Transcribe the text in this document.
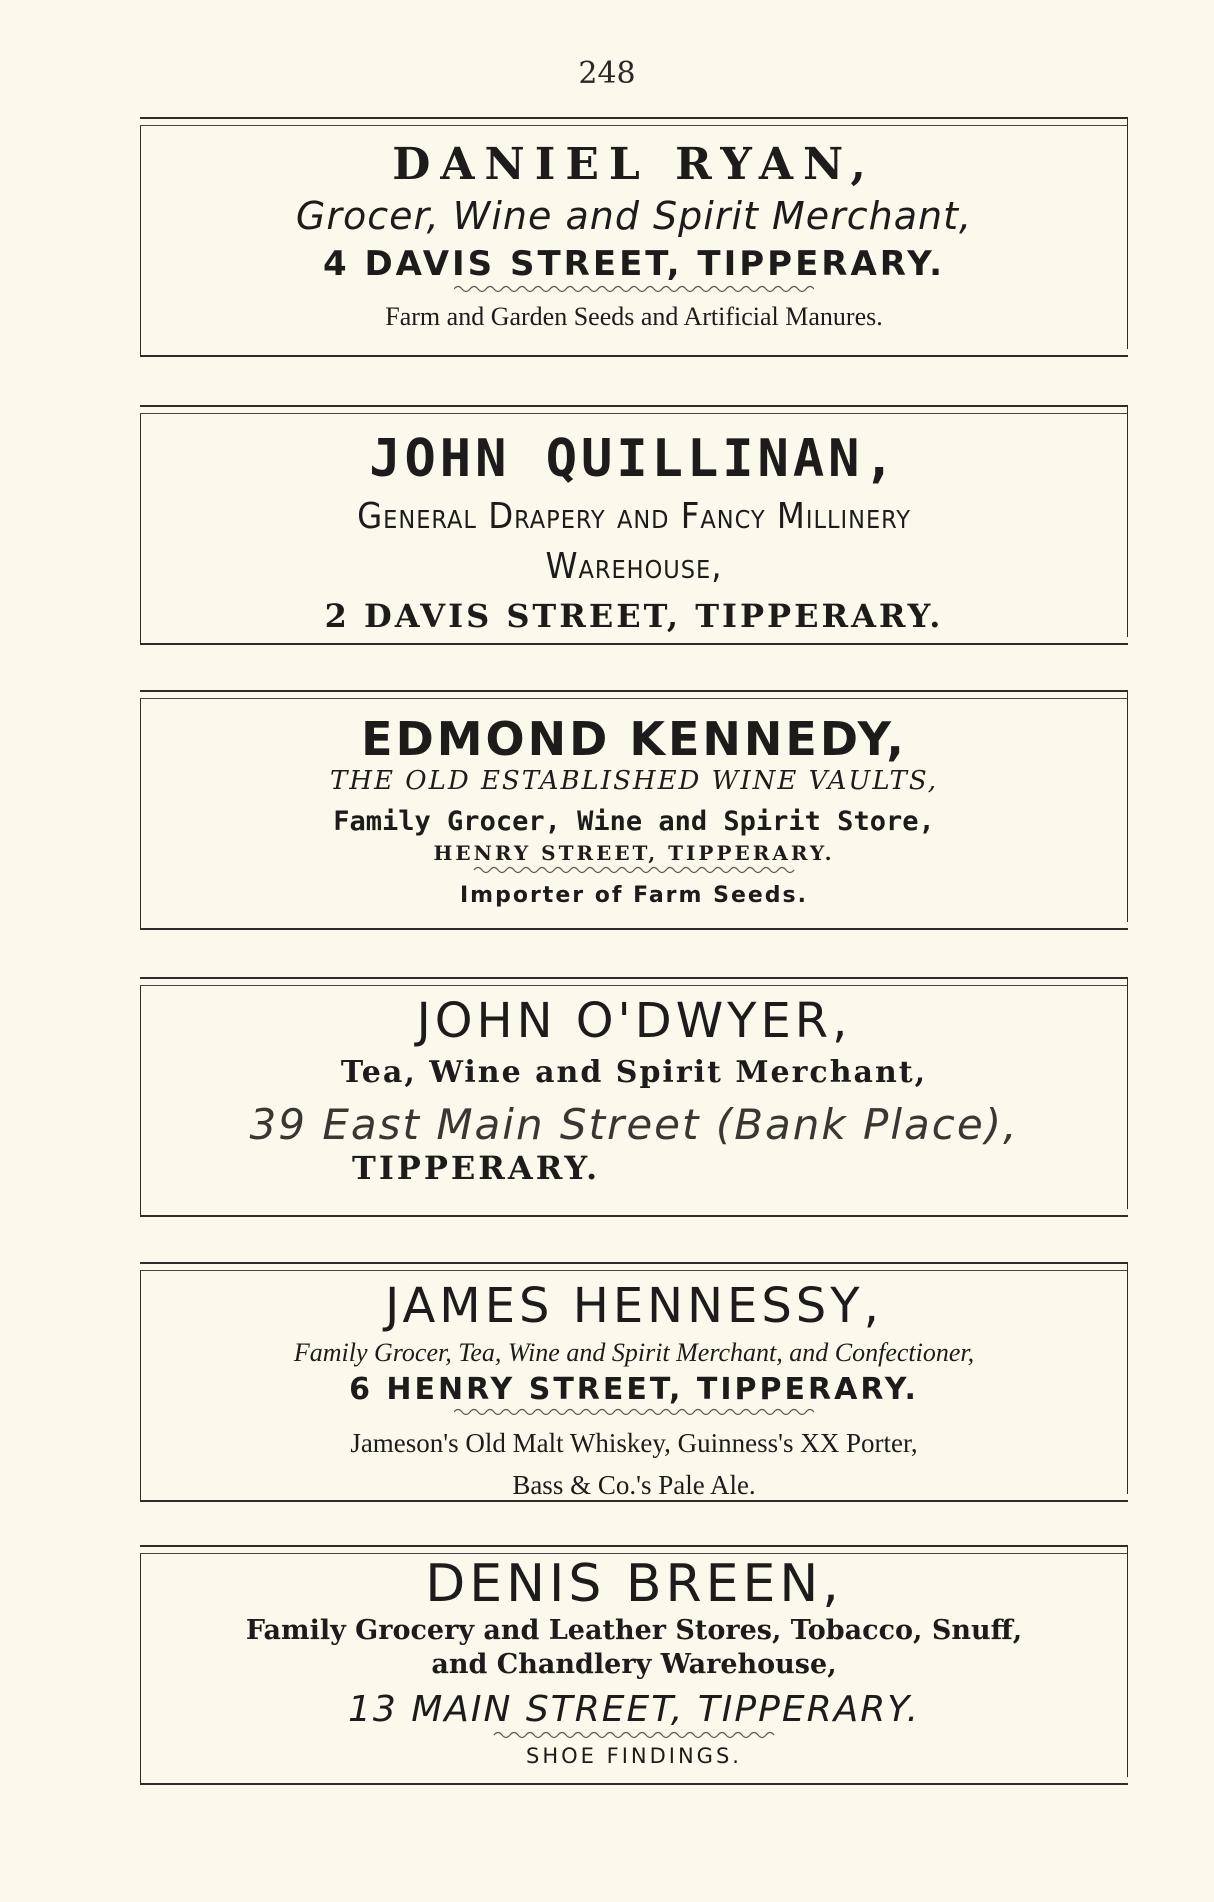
248
DANIEL RYAN,
Grocer, Wine and Spirit Merchant,
4 DAVIS STREET, TIPPERARY.
Farm and Garden Seeds and Artificial Manures.
JOHN QUILLINAN,
General Drapery and Fancy Millinery
Warehouse,
2 DAVIS STREET, TIPPERARY.
EDMOND KENNEDY,
THE OLD ESTABLISHED WINE VAULTS,
Family Grocer, Wine and Spirit Store,
HENRY STREET, TIPPERARY.
Importer of Farm Seeds.
JOHN O'DWYER,
Tea, Wine and Spirit Merchant,
39 East Main Street (Bank Place),
TIPPERARY.
JAMES HENNESSY,
Family Grocer, Tea, Wine and Spirit Merchant, and Confectioner,
6 HENRY STREET, TIPPERARY.
Jameson's Old Malt Whiskey, Guinness's XX Porter,
Bass & Co.'s Pale Ale.
DENIS BREEN,
Family Grocery and Leather Stores, Tobacco, Snuff,
and Chandlery Warehouse,
13 MAIN STREET, TIPPERARY.
SHOE FINDINGS.
